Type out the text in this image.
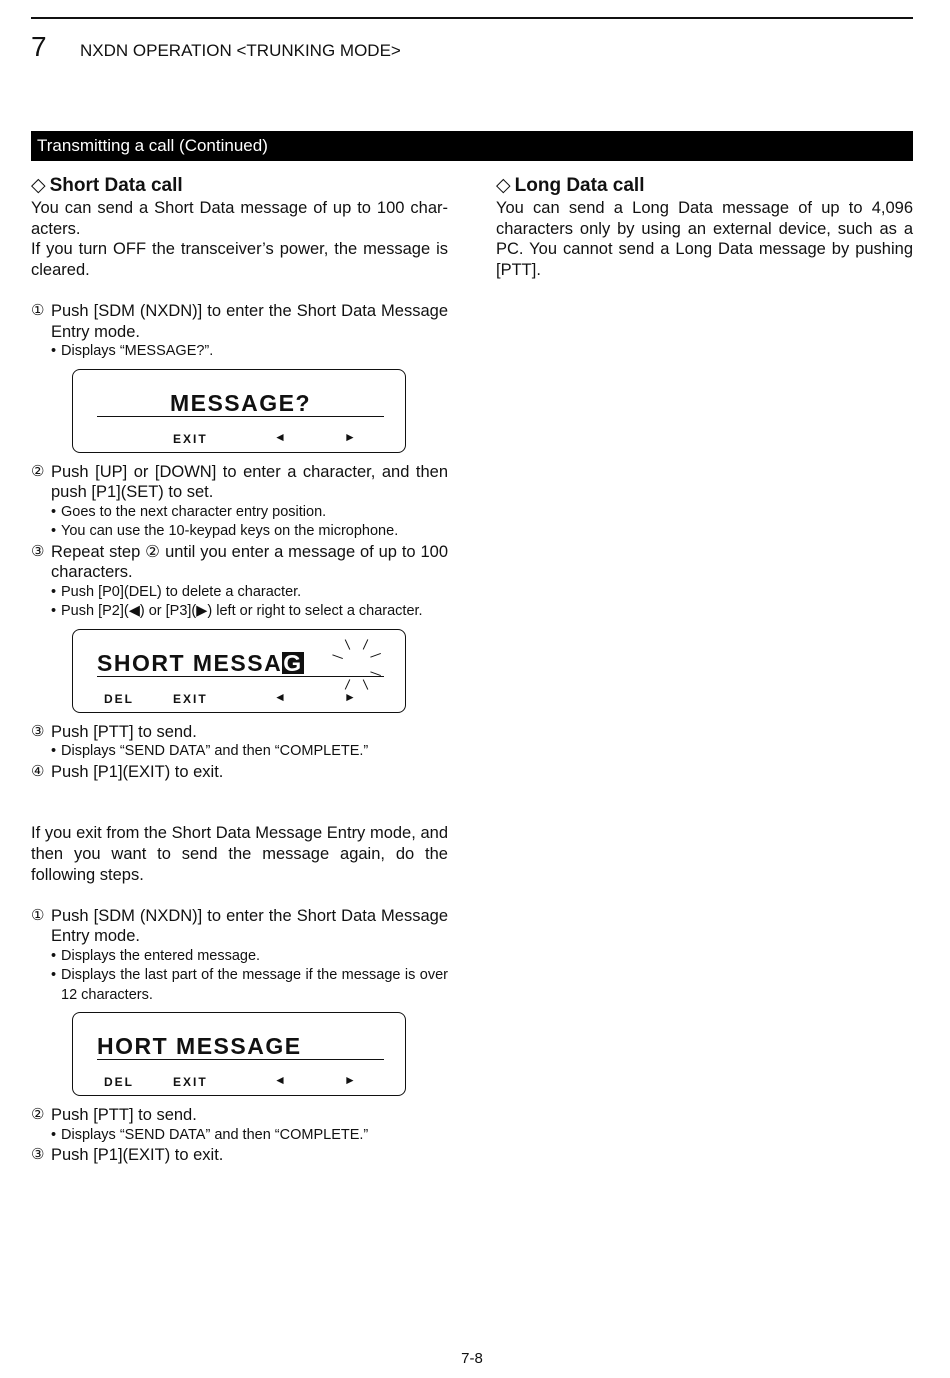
7 NXDN OPERATION <TRUNKING MODE>
Transmitting a call (Continued)
◇ Short Data call

You can send a Short Data message of up to 100 characters.

If you turn OFF the transceiver’s power, the message is cleared.

① Push [SDM (NXDN)] to enter the Short Data Message Entry mode.
• Displays “MESSAGE?”.
MESSAGE?
EXIT	◄	►
② Push [UP] or [DOWN] to enter a character, and then push [P1](SET) to set.
• Goes to the next character entry position.
• You can use the 10-keypad keys on the microphone.
③ Repeat step ② until you enter a message of up to 100 characters.
• Push [P0](DEL) to delete a character.
• Push [P2](◀) or [P3](▶) left or right to select a character.
SHORT MESSAG
DEL	EXIT	◄	►
③ Push [PTT] to send.
• Displays “SEND DATA” and then “COMPLETE.”
④ Push [P1](EXIT) to exit.

If you exit from the Short Data Message Entry mode, and then you want to send the message again, do the following steps.

① Push [SDM (NXDN)] to enter the Short Data Message Entry mode.
• Displays the entered message.
• Displays the last part of the message if the message is over 12 characters.
HORT MESSAGE
DEL	EXIT	◄	►
② Push [PTT] to send.
• Displays “SEND DATA” and then “COMPLETE.”
③ Push [P1](EXIT) to exit.
◇ Long Data call

You can send a Long Data message of up to 4,096 characters only by using an external device, such as a PC. You cannot send a Long Data message by pushing [PTT].

7-8
